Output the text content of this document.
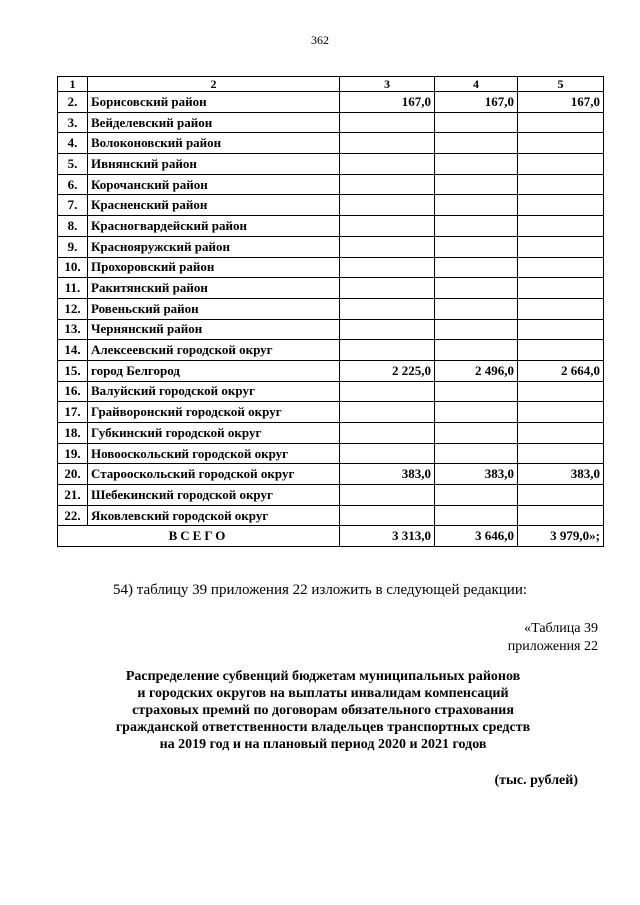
362
1	2	3	4	5
2.	Борисовский район	167,0	167,0	167,0
3.	Вейделевский район			
4.	Волоконовский район			
5.	Ивнянский район			
6.	Корочанский район			
7.	Красненский район			
8.	Красногвардейский район			
9.	Краснояружский район			
10.	Прохоровский район			
11.	Ракитянский район			
12.	Ровеньский район			
13.	Чернянский район			
14.	Алексеевский городской округ			
15.	город Белгород	2 225,0	2 496,0	2 664,0
16.	Валуйский городской округ			
17.	Грайворонский городской округ			
18.	Губкинский городской округ			
19.	Новооскольский городской округ			
20.	Старооскольский городской округ	383,0	383,0	383,0
21.	Шебекинский городской округ			
22.	Яковлевский городской округ			
ВСЕГО		3 313,0	3 646,0	3 979,0»;
54) таблицу 39 приложения 22 изложить в следующей редакции:
«Таблица 39
приложения 22
Распределение субвенций бюджетам муниципальных районов
и городских округов на выплаты инвалидам компенсаций
страховых премий по договорам обязательного страхования
гражданской ответственности владельцев транспортных средств
на 2019 год и на плановый период 2020 и 2021 годов
(тыс. рублей)
